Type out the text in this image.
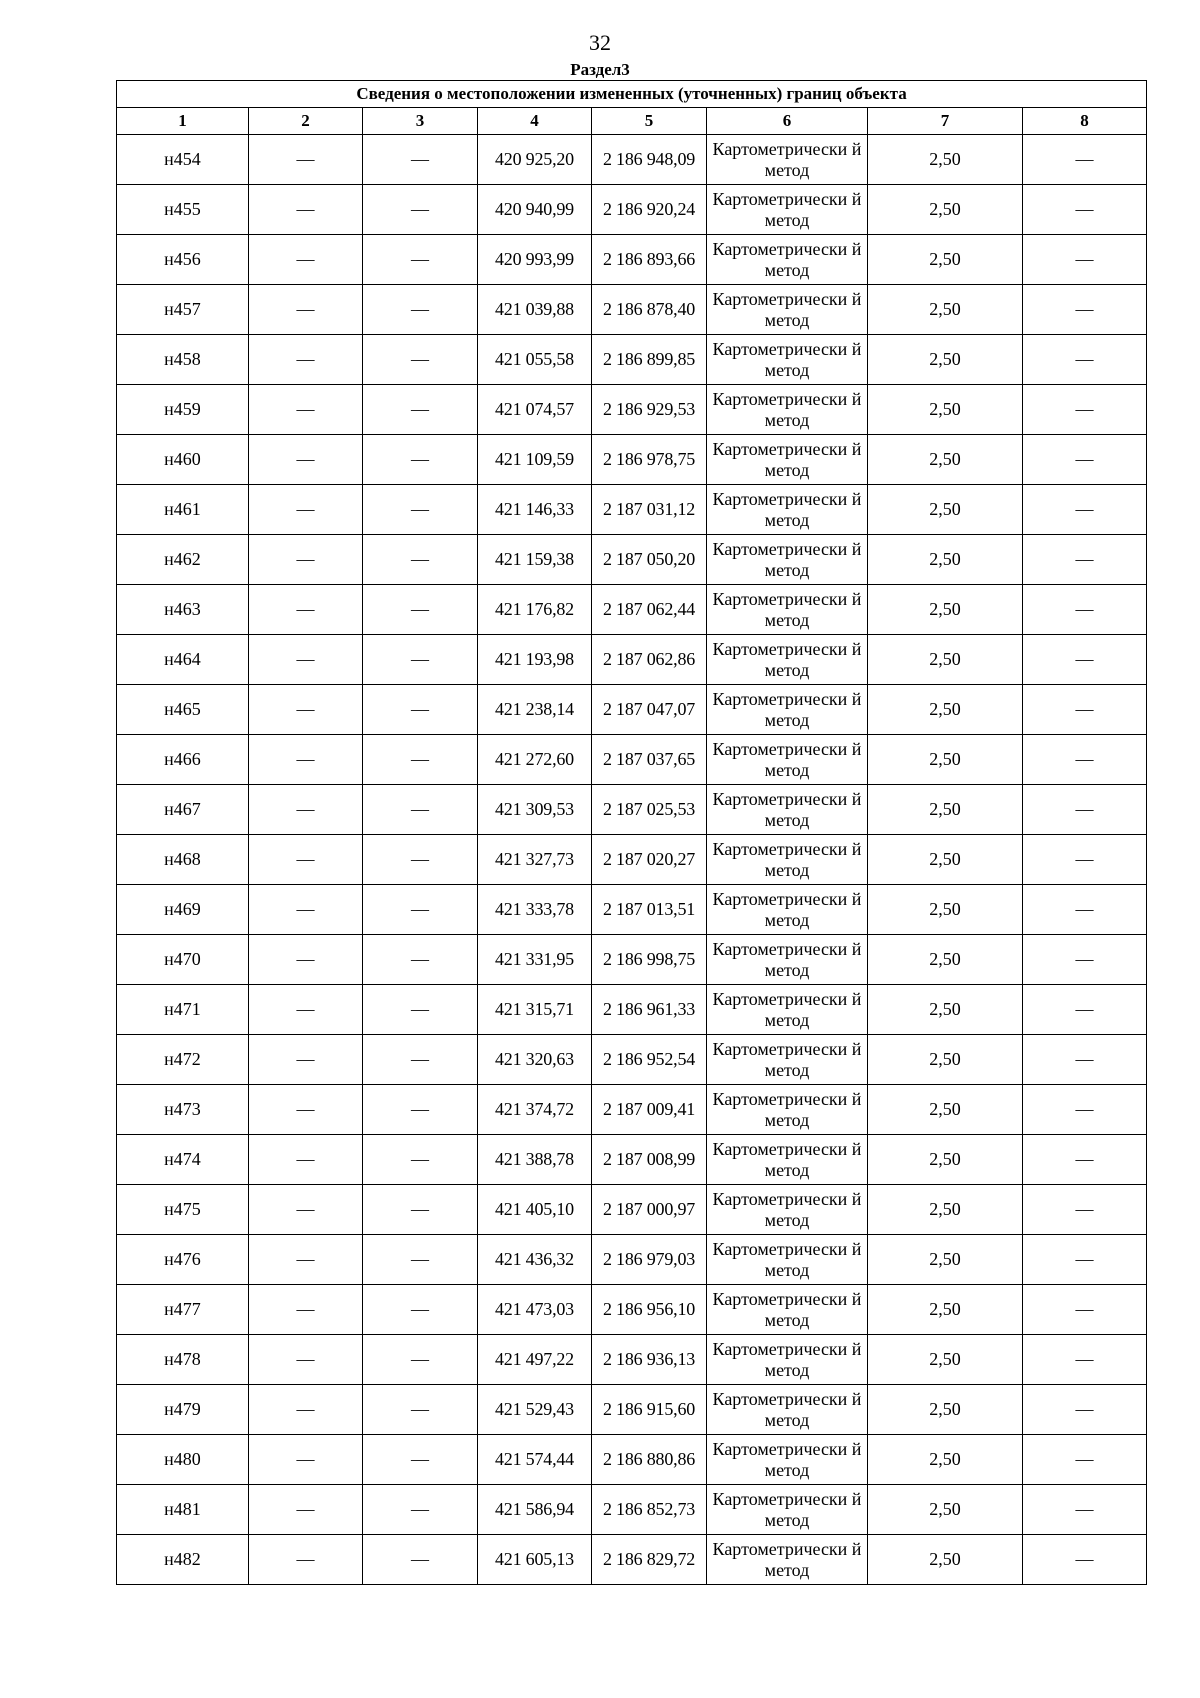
32
Раздел3
Сведения о местоположении измененных (уточненных) границ объекта							
1	2	3	4	5	6	7	8
н454	—	—	420 925,20	2 186 948,09	Картометрически й метод	2,50	—
н455	—	—	420 940,99	2 186 920,24	Картометрически й метод	2,50	—
н456	—	—	420 993,99	2 186 893,66	Картометрически й метод	2,50	—
н457	—	—	421 039,88	2 186 878,40	Картометрически й метод	2,50	—
н458	—	—	421 055,58	2 186 899,85	Картометрически й метод	2,50	—
н459	—	—	421 074,57	2 186 929,53	Картометрически й метод	2,50	—
н460	—	—	421 109,59	2 186 978,75	Картометрически й метод	2,50	—
н461	—	—	421 146,33	2 187 031,12	Картометрически й метод	2,50	—
н462	—	—	421 159,38	2 187 050,20	Картометрически й метод	2,50	—
н463	—	—	421 176,82	2 187 062,44	Картометрически й метод	2,50	—
н464	—	—	421 193,98	2 187 062,86	Картометрически й метод	2,50	—
н465	—	—	421 238,14	2 187 047,07	Картометрически й метод	2,50	—
н466	—	—	421 272,60	2 187 037,65	Картометрически й метод	2,50	—
н467	—	—	421 309,53	2 187 025,53	Картометрически й метод	2,50	—
н468	—	—	421 327,73	2 187 020,27	Картометрически й метод	2,50	—
н469	—	—	421 333,78	2 187 013,51	Картометрически й метод	2,50	—
н470	—	—	421 331,95	2 186 998,75	Картометрически й метод	2,50	—
н471	—	—	421 315,71	2 186 961,33	Картометрически й метод	2,50	—
н472	—	—	421 320,63	2 186 952,54	Картометрически й метод	2,50	—
н473	—	—	421 374,72	2 187 009,41	Картометрически й метод	2,50	—
н474	—	—	421 388,78	2 187 008,99	Картометрически й метод	2,50	—
н475	—	—	421 405,10	2 187 000,97	Картометрически й метод	2,50	—
н476	—	—	421 436,32	2 186 979,03	Картометрически й метод	2,50	—
н477	—	—	421 473,03	2 186 956,10	Картометрически й метод	2,50	—
н478	—	—	421 497,22	2 186 936,13	Картометрически й метод	2,50	—
н479	—	—	421 529,43	2 186 915,60	Картометрически й метод	2,50	—
н480	—	—	421 574,44	2 186 880,86	Картометрически й метод	2,50	—
н481	—	—	421 586,94	2 186 852,73	Картометрически й метод	2,50	—
н482	—	—	421 605,13	2 186 829,72	Картометрически й метод	2,50	—
